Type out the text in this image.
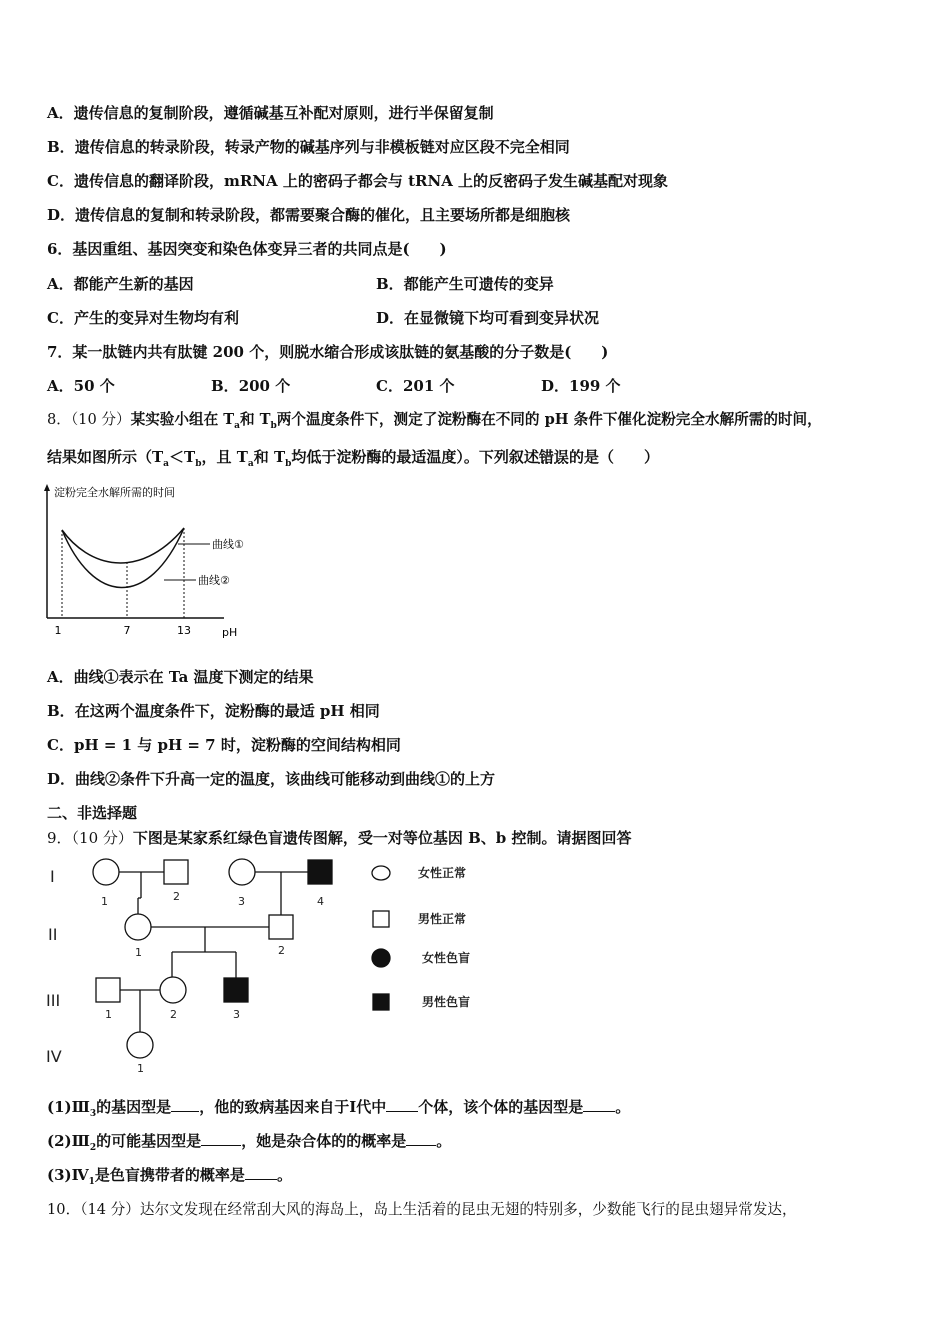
A．遗传信息的复制阶段，遵循碱基互补配对原则，进行半保留复制
B．遗传信息的转录阶段，转录产物的碱基序列与非模板链对应区段不完全相同
C．遗传信息的翻译阶段，mRNA 上的密码子都会与 tRNA 上的反密码子发生碱基配对现象
D．遗传信息的复制和转录阶段，都需要聚合酶的催化，且主要场所都是细胞核
6．基因重组、基因突变和染色体变异三者的共同点是(　　)
A．都能产生新的基因	B．都能产生可遗传的变异
C．产生的变异对生物均有利	D．在显微镜下均可看到变异状况
7．某一肽链内共有肽键 200 个，则脱水缩合形成该肽链的氨基酸的分子数是(　　)
A．50 个	B．200 个	C．201 个	D．199 个
8．（10 分）某实验小组在 $T_a$和 $T_b$两个温度条件下，测定了淀粉酶在不同的 pH 条件下催化淀粉完全水解所需的时间，
结果如图所示（$T_a<T_b$，且 $T_a$和 $T_b$均低于淀粉酶的最适温度）。下列叙述错误的是（　　）
淀粉完全水解所需的时间
pH
1	7	13
曲线①
曲线②
A．曲线①表示在 Ta 温度下测定的结果
B．在这两个温度条件下，淀粉酶的最适 pH 相同
C．pH = 1 与 pH = 7 时，淀粉酶的空间结构相同
D．曲线②条件下升高一定的温度，该曲线可能移动到曲线①的上方
二、非选择题
9．（10 分）下图是某家系红绿色盲遗传图解，受一对等位基因 B、b 控制。请据图回答
I
II
III
IV
1	2	3	4
1	2
1	2	3
1
女性正常
男性正常
女性色盲
男性色盲
$(1)Ⅲ_3$的基因型是 ，他的致病基因来自于Ⅰ代中 个体，该个体的基因型是 。
$(2)Ⅲ_2$的可能基因型是	，她是杂合体的的概率是 。
$(3)Ⅳ_1$是色盲携带者的概率是 。
10．（14 分）达尔文发现在经常刮大风的海岛上，岛上生活着的昆虫无翅的特别多，少数能飞行的昆虫翅异常发达，
